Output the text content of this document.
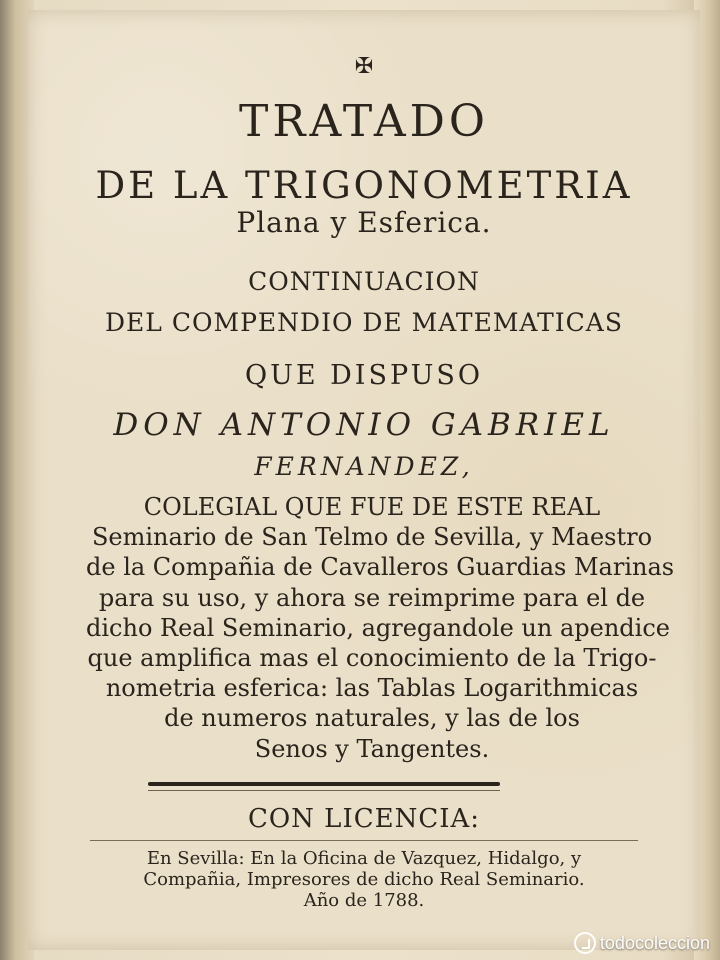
✠
TRATADO
DE LA TRIGONOMETRIA
Plana y Esferica.
CONTINUACION
DEL COMPENDIO DE MATEMATICAS
QUE DISPUSO
DON ANTONIO GABRIEL
FERNANDEZ,
COLEGIAL QUE FUE DE ESTE REAL
Seminario de San Telmo de Sevilla, y Maestro
de la Compañia de Cavalleros Guardias Marinas
para su uso, y ahora se reimprime para el de
dicho Real Seminario, agregandole un apendice
que amplifica mas el conocimiento de la Trigo-
nometria esferica: las Tablas Logarithmicas
de numeros naturales, y las de los
Senos y Tangentes.
CON LICENCIA:
En Sevilla: En la Oficina de Vazquez, Hidalgo, y
Compañia, Impresores de dicho Real Seminario.
Año de 1788.
todocoleccion
